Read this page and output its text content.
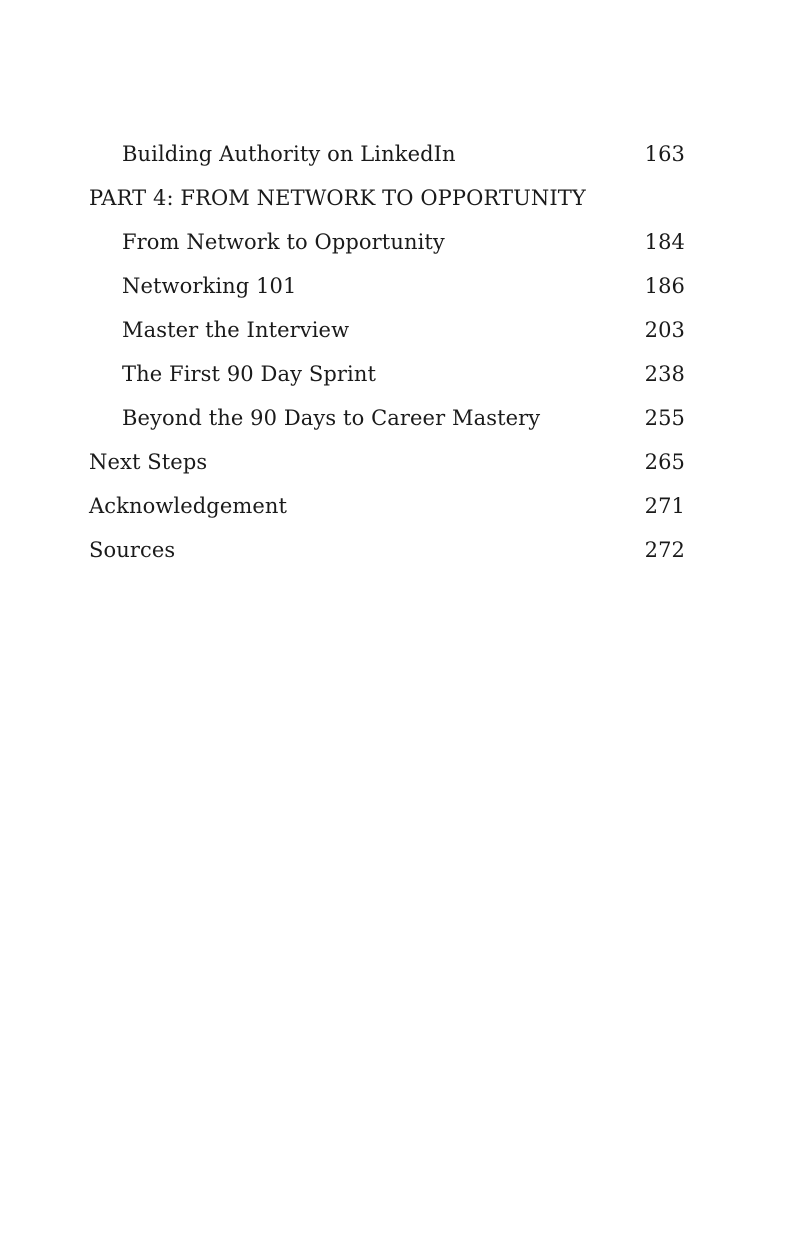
Building Authority on LinkedIn	163
PART 4: FROM NETWORK TO OPPORTUNITY
From Network to Opportunity	184
Networking 101	186
Master the Interview	203
The First 90 Day Sprint	238
Beyond the 90 Days to Career Mastery	255
Next Steps	265
Acknowledgement	271
Sources	272
